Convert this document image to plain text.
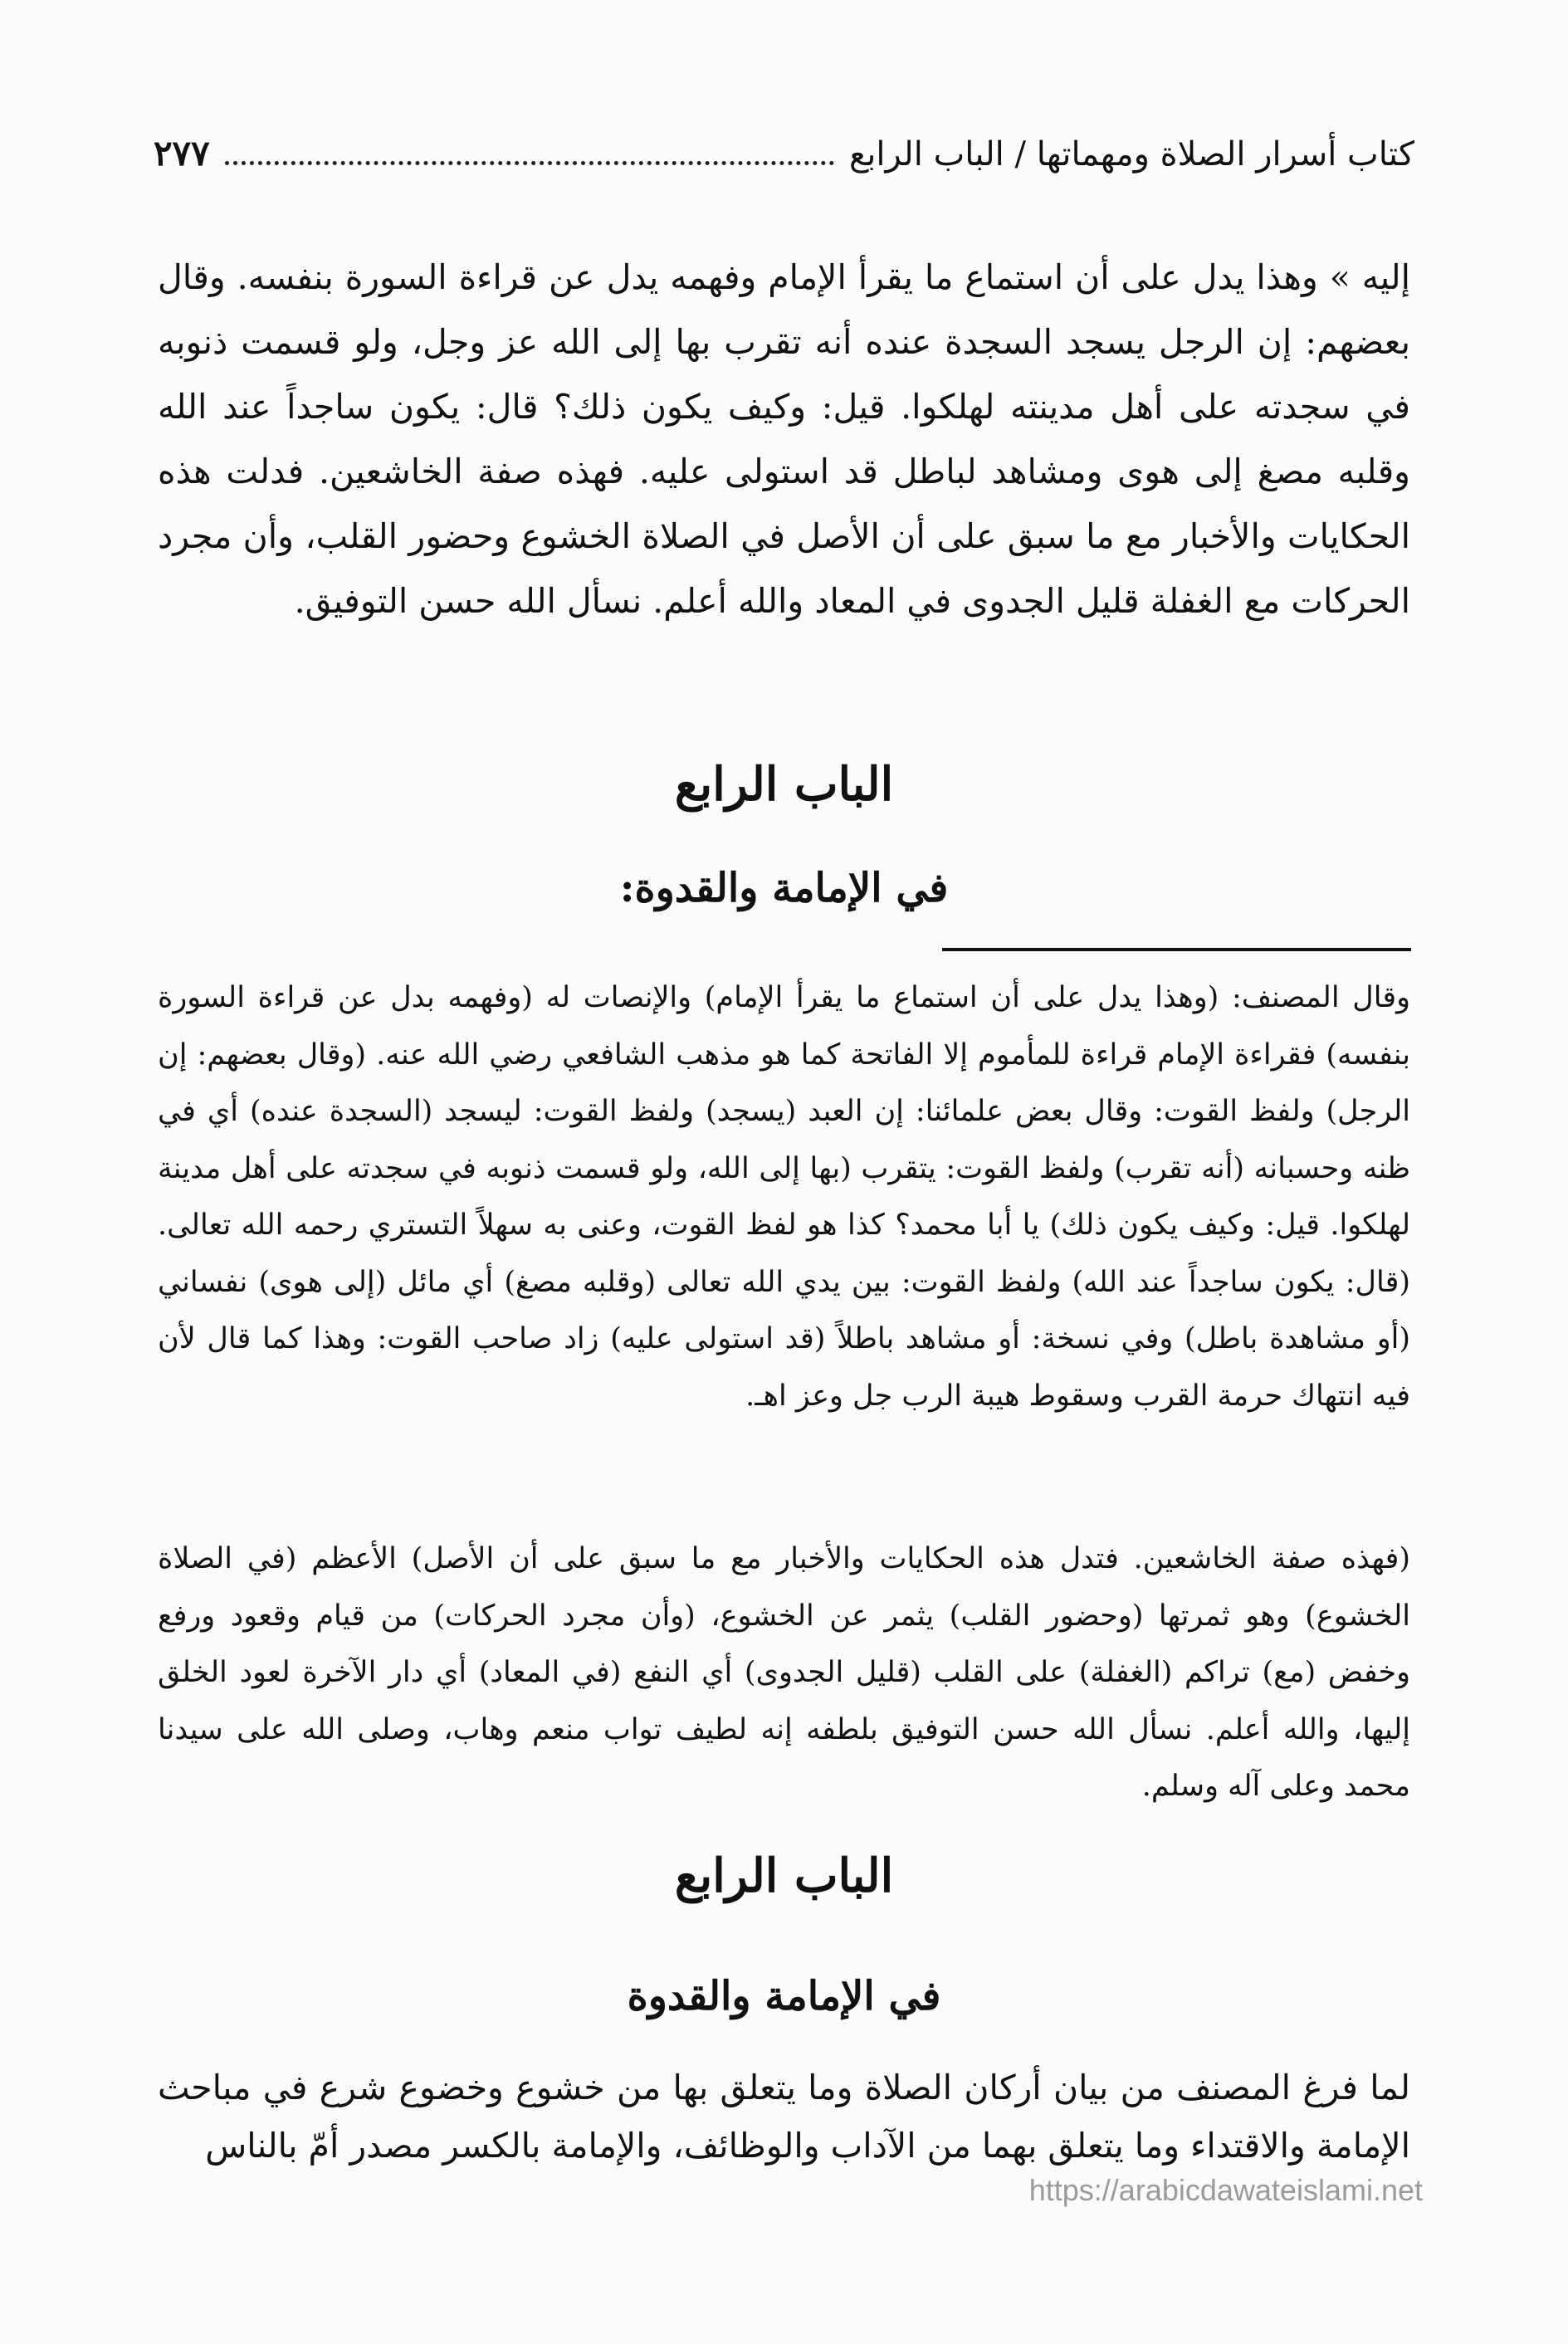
كتاب أسرار الصلاة ومهماتها / الباب الرابع
٢٧٧

إليه » وهذا يدل على أن استماع ما يقرأ الإمام وفهمه يدل عن قراءة السورة بنفسه. وقال بعضهم: إن الرجل يسجد السجدة عنده أنه تقرب بها إلى الله عز وجل، ولو قسمت ذنوبه في سجدته على أهل مدينته لهلكوا. قيل: وكيف يكون ذلك؟ قال: يكون ساجداً عند الله وقلبه مصغ إلى هوى ومشاهد لباطل قد استولى عليه. فهذه صفة الخاشعين. فدلت هذه الحكايات والأخبار مع ما سبق على أن الأصل في الصلاة الخشوع وحضور القلب، وأن مجرد الحركات مع الغفلة قليل الجدوى في المعاد والله أعلم. نسأل الله حسن التوفيق.

الباب الرابع
في الإمامة والقدوة:

وقال المصنف: (وهذا يدل على أن استماع ما يقرأ الإمام) والإنصات له (وفهمه بدل عن قراءة السورة بنفسه) فقراءة الإمام قراءة للمأموم إلا الفاتحة كما هو مذهب الشافعي رضي الله عنه. (وقال بعضهم: إن الرجل) ولفظ القوت: وقال بعض علمائنا: إن العبد (يسجد) ولفظ القوت: ليسجد (السجدة عنده) أي في ظنه وحسبانه (أنه تقرب) ولفظ القوت: يتقرب (بها إلى الله، ولو قسمت ذنوبه في سجدته على أهل مدينة لهلكوا. قيل: وكيف يكون ذلك) يا أبا محمد؟ كذا هو لفظ القوت، وعنى به سهلاً التستري رحمه الله تعالى. (قال: يكون ساجداً عند الله) ولفظ القوت: بين يدي الله تعالى (وقلبه مصغ) أي مائل (إلى هوى) نفساني (أو مشاهدة باطل) وفي نسخة: أو مشاهد باطلاً (قد استولى عليه) زاد صاحب القوت: وهذا كما قال لأن فيه انتهاك حرمة القرب وسقوط هيبة الرب جل وعز اهـ.

(فهذه صفة الخاشعين. فتدل هذه الحكايات والأخبار مع ما سبق على أن الأصل) الأعظم (في الصلاة الخشوع) وهو ثمرتها (وحضور القلب) يثمر عن الخشوع، (وأن مجرد الحركات) من قيام وقعود ورفع وخفض (مع) تراكم (الغفلة) على القلب (قليل الجدوى) أي النفع (في المعاد) أي دار الآخرة لعود الخلق إليها، والله أعلم. نسأل الله حسن التوفيق بلطفه إنه لطيف تواب منعم وهاب، وصلى الله على سيدنا محمد وعلى آله وسلم.

الباب الرابع
في الإمامة والقدوة

لما فرغ المصنف من بيان أركان الصلاة وما يتعلق بها من خشوع وخضوع شرع في مباحث الإمامة والاقتداء وما يتعلق بهما من الآداب والوظائف، والإمامة بالكسر مصدر أمّ بالناس

https://arabicdawateislami.net
